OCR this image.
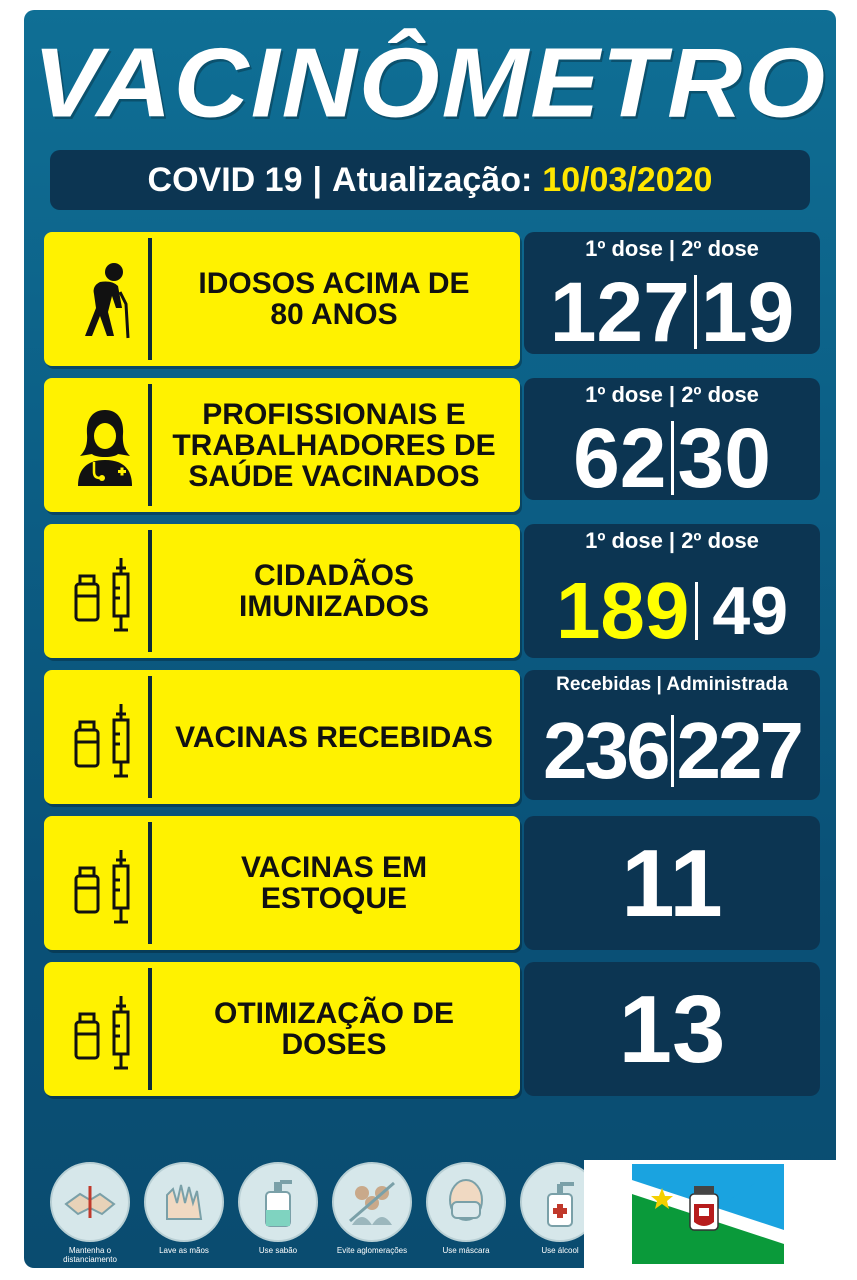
VACINÔMETRO
COVID 19 | Atualização: 10/03/2020
IDOSOS ACIMA DE 80 ANOS
1º dose | 2º dose
127 19
PROFISSIONAIS E TRABALHADORES DE SAÚDE VACINADOS
1º dose | 2º dose
62 30
CIDADÃOS IMUNIZADOS
1º dose | 2º dose
189 49
VACINAS RECEBIDAS
Recebidas | Administrada
236 227
VACINAS EM ESTOQUE	11
OTIMIZAÇÃO DE DOSES	13
Mantenha o distanciamento
Lave as mãos	Use sabão	Evite aglomerações	Use máscara	Use álcool
